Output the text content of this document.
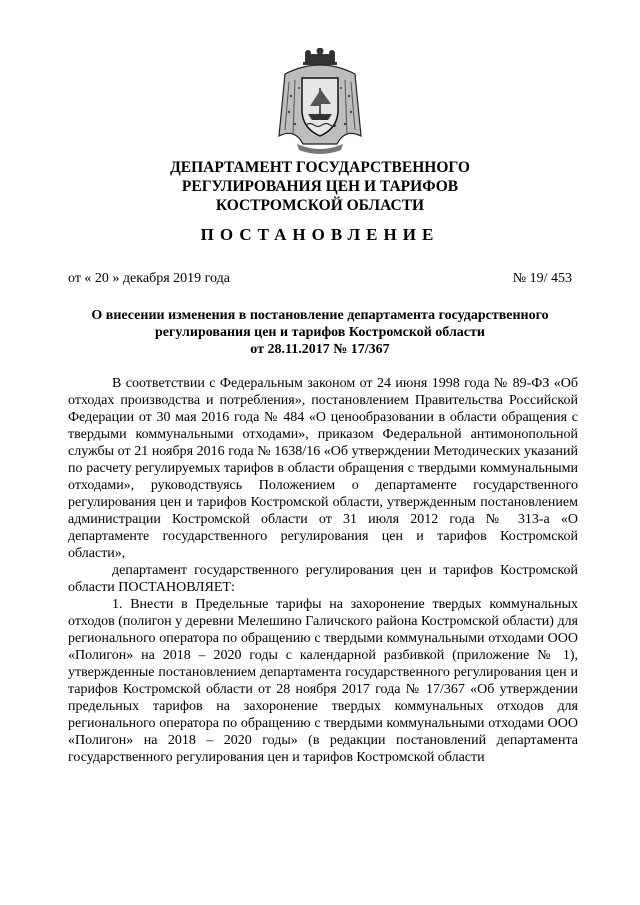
ДЕПАРТАМЕНТ ГОСУДАРСТВЕННОГО
РЕГУЛИРОВАНИЯ ЦЕН И ТАРИФОВ
КОСТРОМСКОЙ ОБЛАСТИ
ПОСТАНОВЛЕНИЕ
от « 20 » декабря 2019 года	№ 19/ 453
О внесении изменения в постановление департамента государственного
регулирования цен и тарифов Костромской области
от 28.11.2017 № 17/367

В соответствии с Федеральным законом от 24 июня 1998 года № 89-ФЗ «Об отходах производства и потребления», постановлением Правительства Российской Федерации от 30 мая 2016 года № 484 «О ценообразовании в области обращения с твердыми коммунальными отходами», приказом Федеральной антимонопольной службы от 21 ноября 2016 года № 1638/16 «Об утверждении Методических указаний по расчету регулируемых тарифов в области обращения с твердыми коммунальными отходами», руководствуясь Положением о департаменте государственного регулирования цен и тарифов Костромской области, утвержденным постановлением администрации Костромской области от 31 июля 2012 года № 313-а «О департаменте государственного регулирования цен и тарифов Костромской области»,

департамент государственного регулирования цен и тарифов Костромской области ПОСТАНОВЛЯЕТ:

1. Внести в Предельные тарифы на захоронение твердых коммунальных отходов (полигон у деревни Мелешино Галичского района Костромской области) для регионального оператора по обращению с твердыми коммунальными отходами ООО «Полигон» на 2018 – 2020 годы с календарной разбивкой (приложение № 1), утвержденные постановлением департамента государственного регулирования цен и тарифов Костромской области от 28 ноября 2017 года № 17/367 «Об утверждении предельных тарифов на захоронение твердых коммунальных отходов для регионального оператора по обращению с твердыми коммунальными отходами ООО «Полигон» на 2018 – 2020 годы» (в редакции постановлений департамента государственного регулирования цен и тарифов Костромской области
